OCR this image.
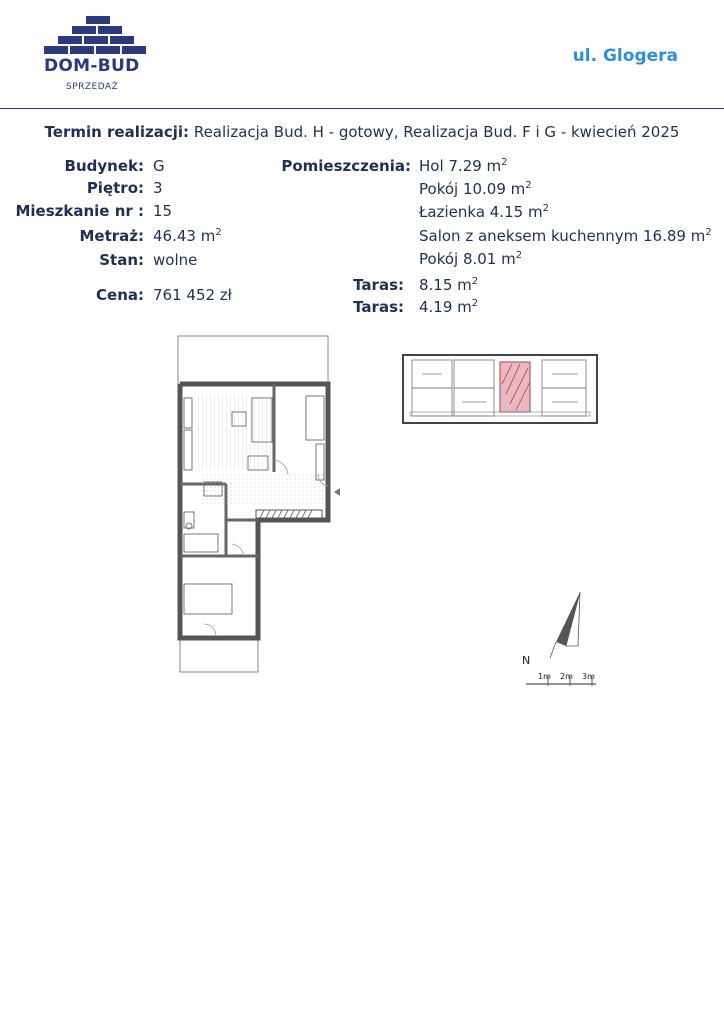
DOM-BUD
SPRZEDAŻ
ul. Glogera
Termin realizacji: Realizacja Bud. H - gotowy, Realizacja Bud. F i G - kwiecień 2025
Budynek: G
Piętro: 3
Mieszkanie nr : 15
Metraż: 46.43 $m^2$
Stan: wolne
Cena: 761 452 zł
Pomieszczenia: Hol 7.29 $m^2$
Pokój 10.09 $m^2$
Łazienka 4.15 $m^2$
Salon z aneksem kuchennym 16.89 $m^2$
Pokój 8.01 $m^2$
Taras: 8.15 $m^2$
Taras: 4.19 $m^2$
N
1m 2m 3m
